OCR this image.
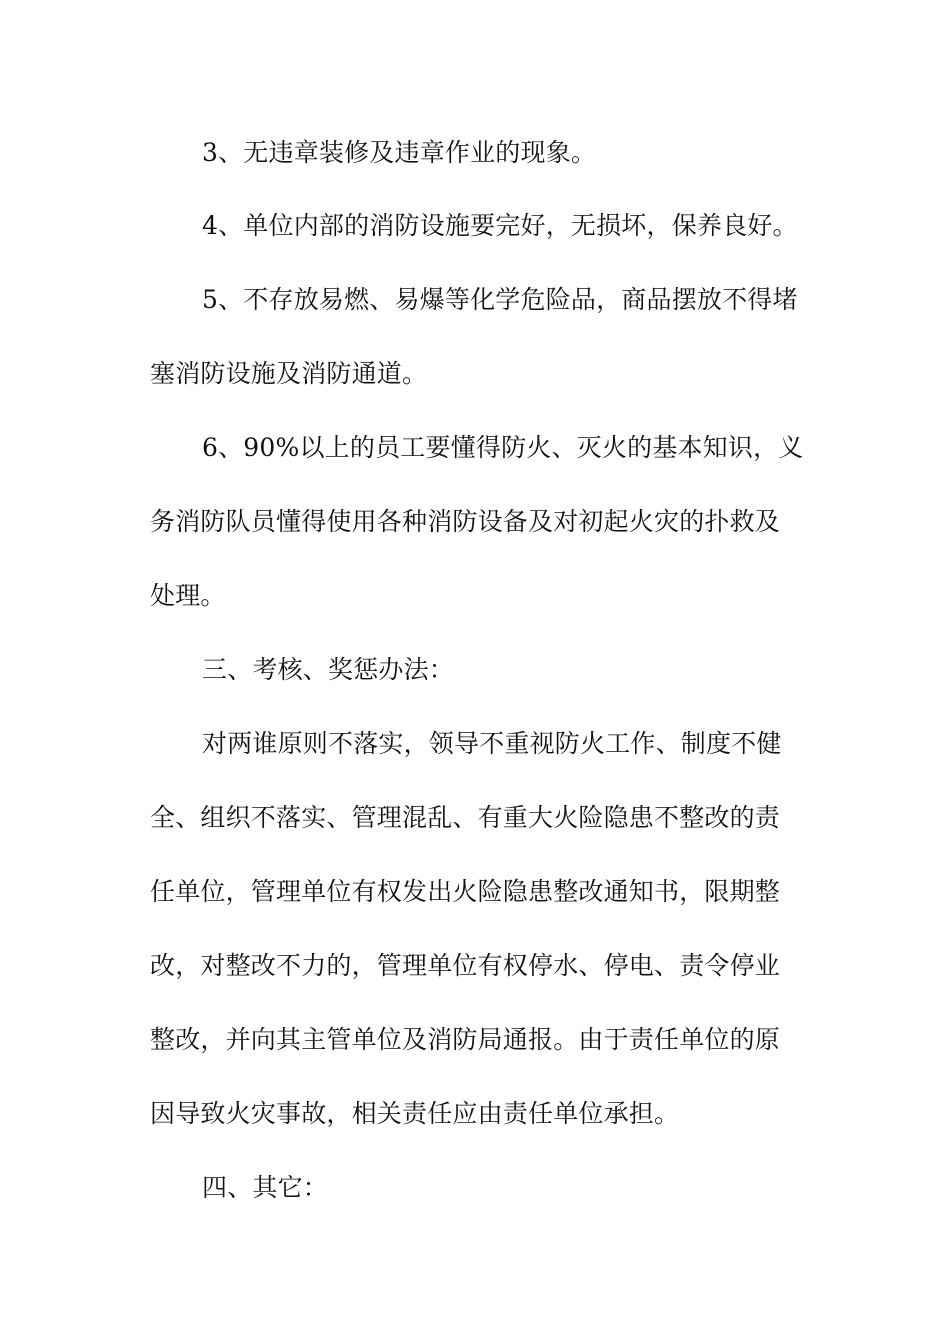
3、无违章装修及违章作业的现象。
4、单位内部的消防设施要完好，无损坏，保养良好。
5、不存放易燃、易爆等化学危险品，商品摆放不得堵
塞消防设施及消防通道。
6、90%以上的员工要懂得防火、灭火的基本知识，义
务消防队员懂得使用各种消防设备及对初起火灾的扑救及
处理。
三、考核、奖惩办法：
对两谁原则不落实，领导不重视防火工作、制度不健
全、组织不落实、管理混乱、有重大火险隐患不整改的责
任单位，管理单位有权发出火险隐患整改通知书，限期整
改，对整改不力的，管理单位有权停水、停电、责令停业
整改，并向其主管单位及消防局通报。由于责任单位的原
因导致火灾事故，相关责任应由责任单位承担。
四、其它：
